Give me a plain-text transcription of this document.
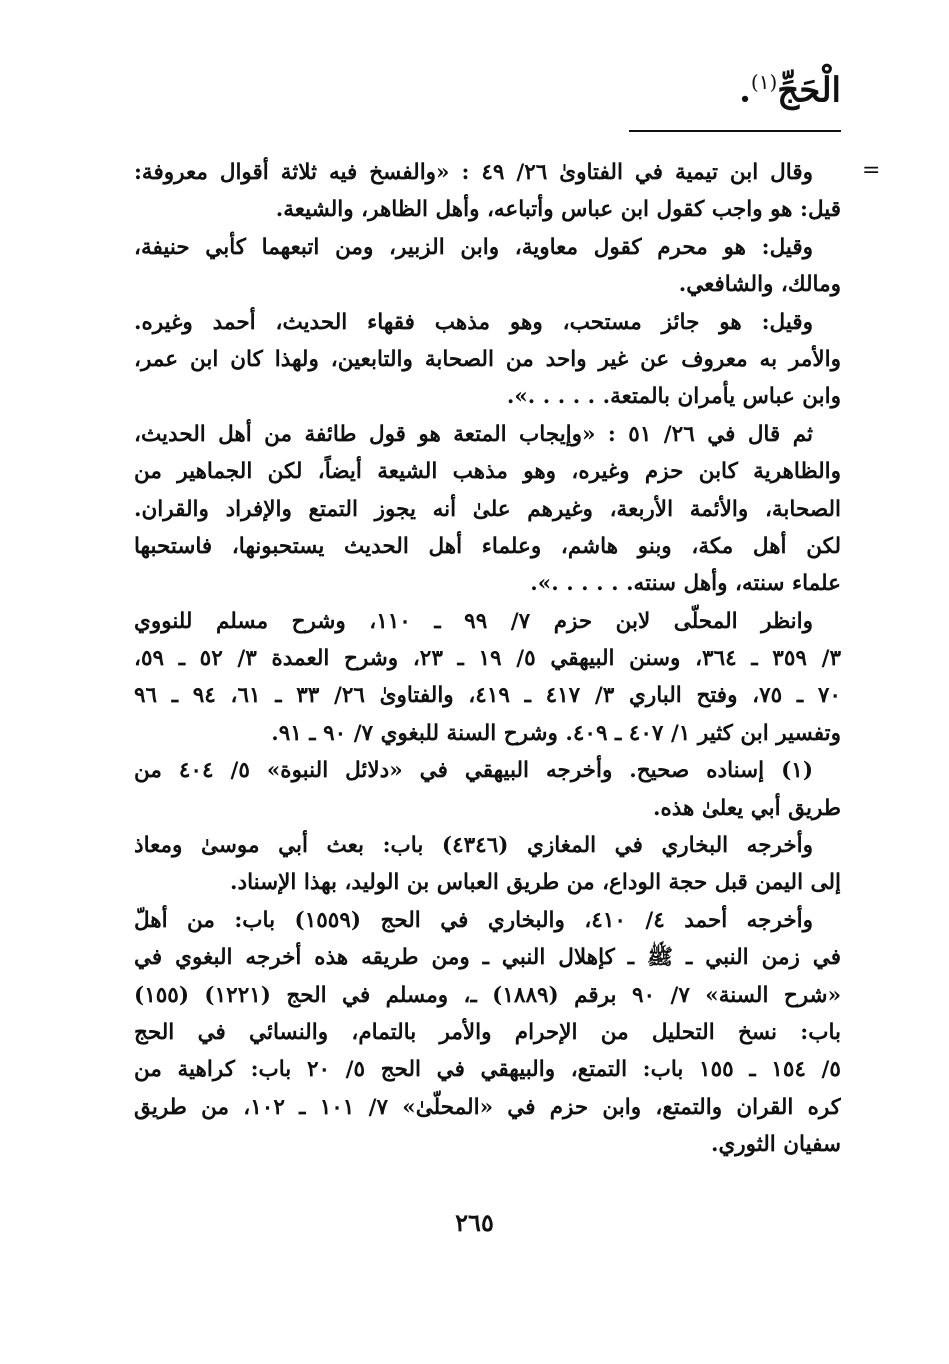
الْحَجِّ$^{(١)}$.
=
وقال ابن تيمية في الفتاوىٰ ٢٦/ ٤٩ : «والفسخ فيه ثلاثة أقوال معروفة:
قيل: هو واجب كقول ابن عباس وأتباعه، وأهل الظاهر، والشيعة.
وقيل: هو محرم كقول معاوية، وابن الزبير، ومن اتبعهما كأبي حنيفة،
ومالك، والشافعي.
وقيل: هو جائز مستحب، وهو مذهب فقهاء الحديث، أحمد وغيره.
والأمر به معروف عن غير واحد من الصحابة والتابعين، ولهذا كان ابن عمر،
وابن عباس يأمران بالمتعة. . . . . .».
ثم قال في ٢٦/ ٥١ : «وإيجاب المتعة هو قول طائفة من أهل الحديث،
والظاهرية كابن حزم وغيره، وهو مذهب الشيعة أيضاً، لكن الجماهير من
الصحابة، والأئمة الأربعة، وغيرهم علىٰ أنه يجوز التمتع والإفراد والقران.
لكن أهل مكة، وبنو هاشم، وعلماء أهل الحديث يستحبونها، فاستحبها
علماء سنته، وأهل سنته. . . . . .».
وانظر المحلّى لابن حزم ٧/ ٩٩ ـ ١١٠، وشرح مسلم للنووي
٣/ ٣٥٩ ـ ٣٦٤، وسنن البيهقي ٥/ ١٩ ـ ٢٣، وشرح العمدة ٣/ ٥٢ ـ ٥٩،
٧٠ ـ ٧٥، وفتح الباري ٣/ ٤١٧ ـ ٤١٩، والفتاوىٰ ٢٦/ ٣٣ ـ ٦١، ٩٤ ـ ٩٦
وتفسير ابن كثير ١/ ٤٠٧ ـ ٤٠٩. وشرح السنة للبغوي ٧/ ٩٠ ـ ٩١.
(١) إسناده صحيح. وأخرجه البيهقي في «دلائل النبوة» ٥/ ٤٠٤ من
طريق أبي يعلىٰ هذه.
وأخرجه البخاري في المغازي (٤٣٤٦) باب: بعث أبي موسىٰ ومعاذ
إلى اليمن قبل حجة الوداع، من طريق العباس بن الوليد، بهذا الإسناد.
وأخرجه أحمد ٤/ ٤١٠، والبخاري في الحج (١٥٥٩) باب: من أهلّ
في زمن النبي ـ ﷺ ـ كإهلال النبي ـ ومن طريقه هذه أخرجه البغوي في
«شرح السنة» ٧/ ٩٠ برقم (١٨٨٩) ـ، ومسلم في الحج (١٢٢١) (١٥٥)
باب: نسخ التحليل من الإحرام والأمر بالتمام، والنسائي في الحج
٥/ ١٥٤ ـ ١٥٥ باب: التمتع، والبيهقي في الحج ٥/ ٢٠ باب: كراهية من
كره القران والتمتع، وابن حزم في «المحلّىٰ» ٧/ ١٠١ ـ ١٠٢، من طريق
سفيان الثوري.
٢٦٥
